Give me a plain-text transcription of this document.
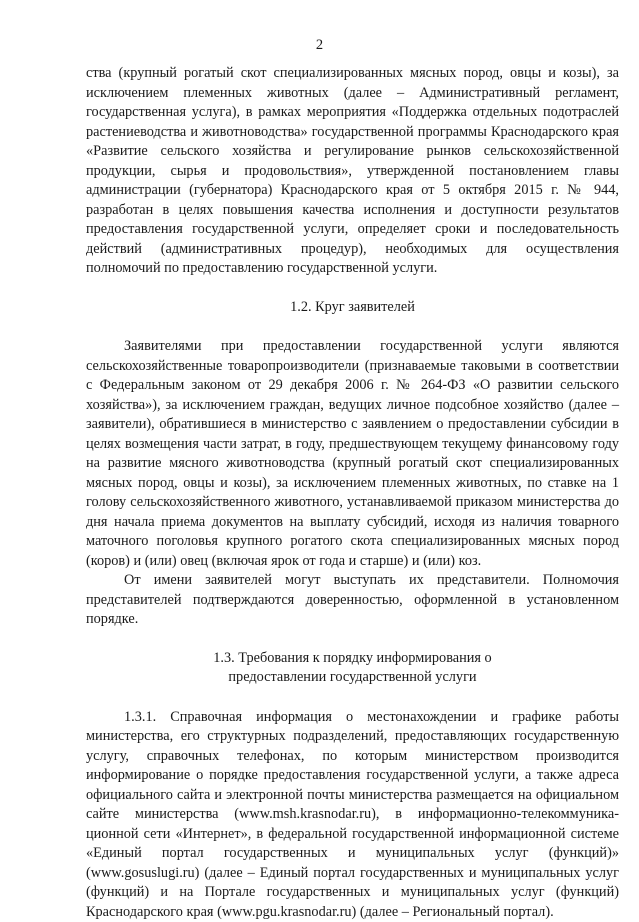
2

ства (крупный рогатый скот специализированных мясных пород, овцы и козы), за исключением племенных животных (далее – Административный регламент, государственная услуга), в рамках мероприятия «Поддержка отдельных подотраслей растениеводства и животноводства» государственной программы Краснодарского края «Развитие сельского хозяйства и регулирование рынков сельскохозяйственной продукции, сырья и продовольствия», утвержденной постановлением главы администрации (губернатора) Краснодарского края от 5 октября 2015 г. № 944, разработан в целях повышения качества исполнения и доступности результатов предоставления государственной услуги, определяет сроки и последовательность действий (административных процедур), необходимых для осуществления полномочий по предоставлению государственной услуги.

1.2. Круг заявителей

Заявителями при предоставлении государственной услуги являются сельскохозяйственные товаропроизводители (признаваемые таковыми в соответствии с Федеральным законом от 29 декабря 2006 г. № 264-ФЗ «О развитии сельского хозяйства»), за исключением граждан, ведущих личное подсобное хозяйство (далее – заявители), обратившиеся в министерство с заявлением о предоставлении субсидии в целях возмещения части затрат, в году, предшествующем текущему финансовому году на развитие мясного животноводства (крупный рогатый скот специализированных мясных пород, овцы и козы), за исключением племенных животных, по ставке на 1 голову сельскохозяйственного животного, устанавливаемой приказом министерства до дня начала приема документов на выплату субсидий, исходя из наличия товарного маточного поголовья крупного рогатого скота специализированных мясных пород (коров) и (или) овец (включая ярок от года и старше) и (или) коз.

От имени заявителей могут выступать их представители. Полномочия представителей подтверждаются доверенностью, оформленной в установленном порядке.

1.3. Требования к порядку информирования о
предоставлении государственной услуги

1.3.1. Справочная информация о местонахождении и графике работы министерства, его структурных подразделений, предоставляющих государственную услугу, справочных телефонах, по которым министерством производится информирование о порядке предоставления государственной услуги, а также адреса официального сайта и электронной почты министерства размещается на официальном сайте министерства (www.msh.krasnodar.ru), в информационно-телекоммуника-ционной сети «Интернет», в федеральной государственной информационной системе «Единый портал государственных и муниципальных услуг (функций)» (www.gosuslugi.ru) (далее – Единый портал государственных и муниципальных услуг (функций) и на Портале государственных и муниципальных услуг (функций) Краснодарского края (www.pgu.krasnodar.ru) (далее – Региональный портал).
